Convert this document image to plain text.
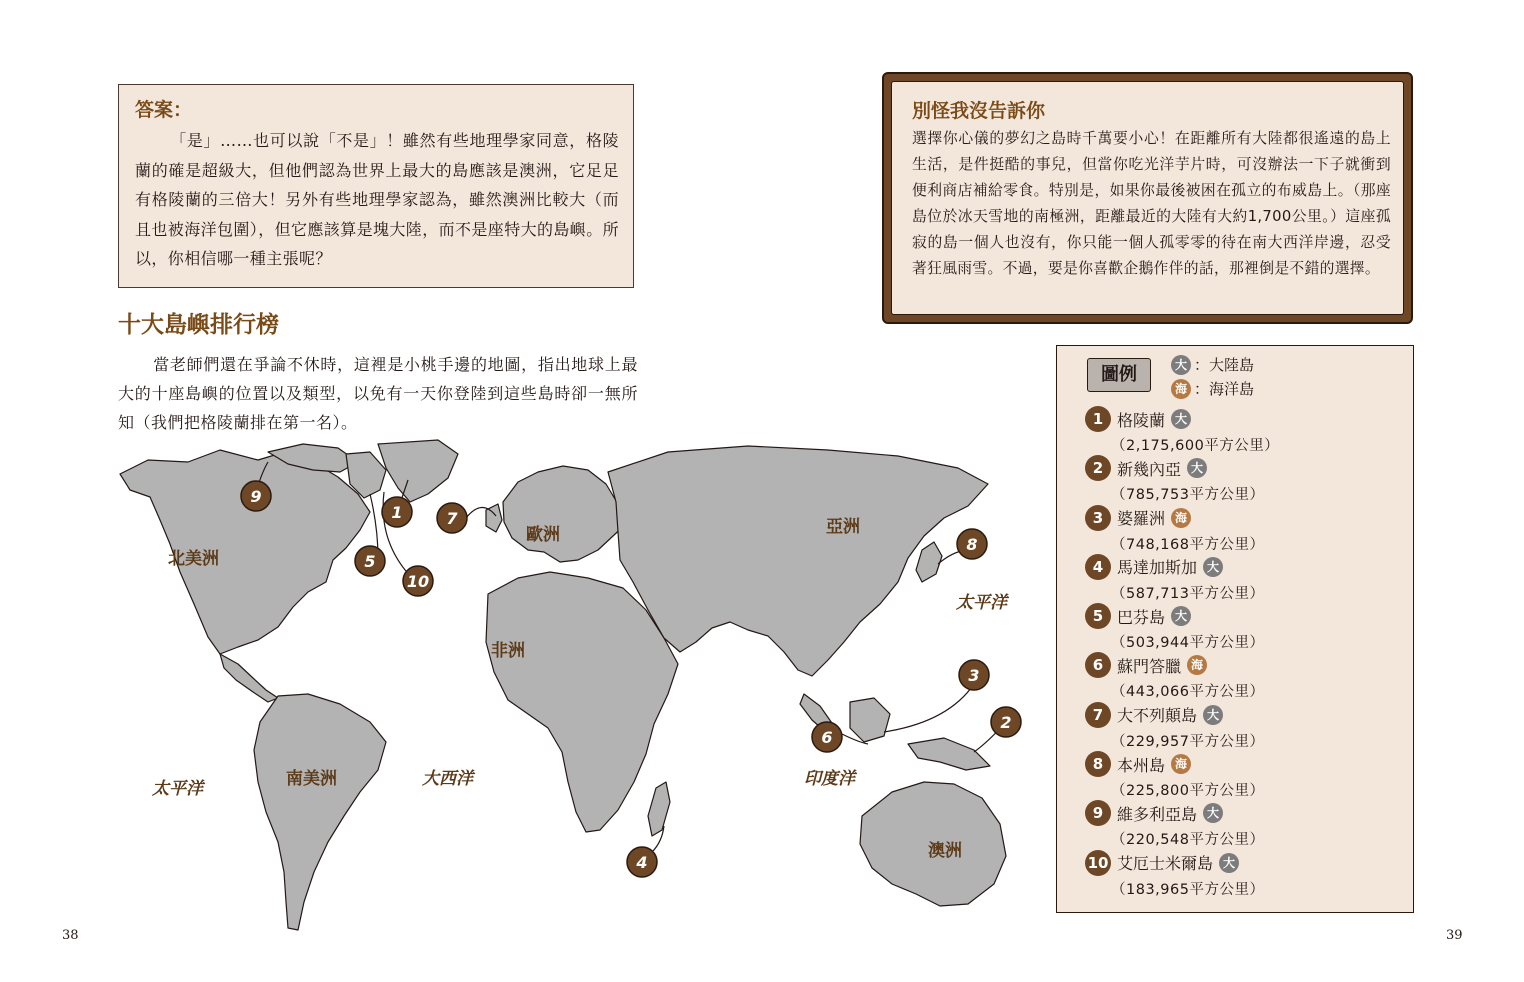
答案：
「是」……也可以說「不是」！雖然有些地理學家同意，格陵蘭的確是超級大，但他們認為世界上最大的島應該是澳洲，它足足有格陵蘭的三倍大！另外有些地理學家認為，雖然澳洲比較大（而且也被海洋包圍），但它應該算是塊大陸，而不是座特大的島嶼。所以，你相信哪一種主張呢？
十大島嶼排行榜
當老師們還在爭論不休時，這裡是小桃手邊的地圖，指出地球上最大的十座島嶼的位置以及類型，以免有一天你登陸到這些島時卻一無所知（我們把格陵蘭排在第一名）。
別怪我沒告訴你
選擇你心儀的夢幻之島時千萬要小心！在距離所有大陸都很遙遠的島上生活，是件挺酷的事兒，但當你吃光洋芋片時，可沒辦法一下子就衝到便利商店補給零食。特別是，如果你最後被困在孤立的布威島上。（那座島位於冰天雪地的南極洲，距離最近的大陸有大約1,700公里。）這座孤寂的島一個人也沒有，你只能一個人孤零零的待在南大西洋岸邊，忍受著狂風雨雪。不過，要是你喜歡企鵝作伴的話，那裡倒是不錯的選擇。
圖例	大 ：大陸島
海 ：海洋島
1 格陵蘭 大
（2,175,600平方公里）
2 新幾內亞 大
（785,753平方公里）
3 婆羅洲 海
（748,168平方公里）
4 馬達加斯加 大
（587,713平方公里）
5 巴芬島 大
（503,944平方公里）
6 蘇門答臘 海
（443,066平方公里）
7 大不列顛島 大
（229,957平方公里）
8 本州島 海
（225,800平方公里）
9 維多利亞島 大
（220,548平方公里）
10 艾厄士米爾島 大
（183,965平方公里）
北美洲
南美洲
歐洲	亞洲
非洲
澳洲
太平洋
太平洋	大西洋	印度洋
1
2
3
4
5
6
7
8
9
10
38	39
